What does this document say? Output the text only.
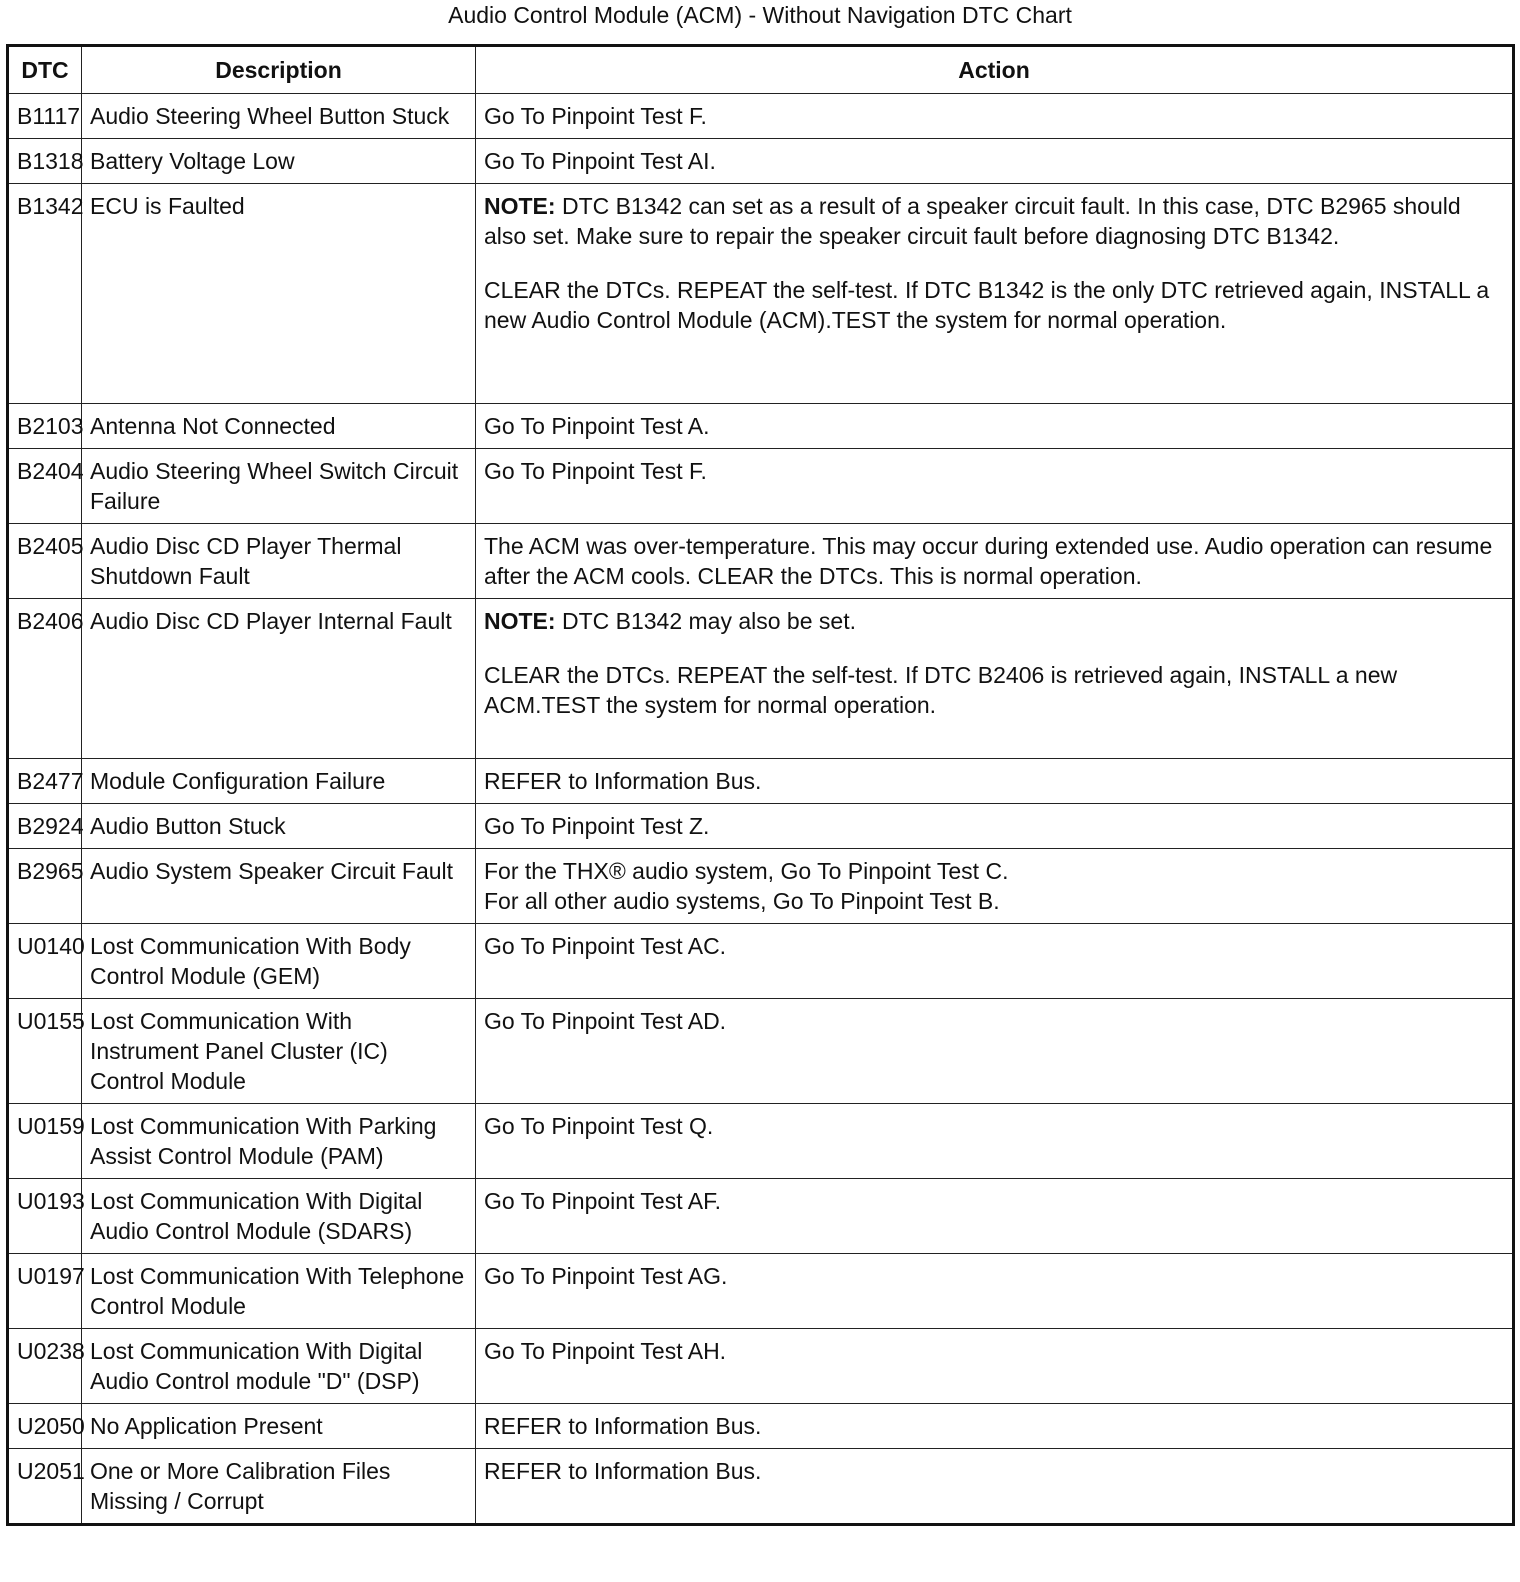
Audio Control Module (ACM) - Without Navigation DTC Chart
DTC	Description	Action
B1117	Audio Steering Wheel Button Stuck	Go To Pinpoint Test F.

B1318	Battery Voltage Low	Go To Pinpoint Test AI.

B1342	ECU is Faulted	NOTE: DTC B1342 can set as a result of a speaker circuit fault. In this case, DTC B2965 should also set. Make sure to repair the speaker circuit fault before diagnosing DTC B1342.

CLEAR the DTCs. REPEAT the self-test. If DTC B1342 is the only DTC retrieved again, INSTALL a new Audio Control Module (ACM).TEST the system for normal operation.

B2103	Antenna Not Connected	Go To Pinpoint Test A.

B2404	Audio Steering Wheel Switch Circuit Failure	Go To Pinpoint Test F.

B2405	Audio Disc CD Player Thermal Shutdown Fault	The ACM was over-temperature. This may occur during extended use. Audio operation can resume after the ACM cools. CLEAR the DTCs. This is normal operation.

B2406	Audio Disc CD Player Internal Fault	NOTE: DTC B1342 may also be set.

CLEAR the DTCs. REPEAT the self-test. If DTC B2406 is retrieved again, INSTALL a new ACM.TEST the system for normal operation.

B2477	Module Configuration Failure	REFER to Information Bus.

B2924	Audio Button Stuck	Go To Pinpoint Test Z.

B2965	Audio System Speaker Circuit Fault	For the THX® audio system, Go To Pinpoint Test C.
For all other audio systems, Go To Pinpoint Test B.

U0140	Lost Communication With Body Control Module (GEM)	Go To Pinpoint Test AC.

U0155	Lost Communication With Instrument Panel Cluster (IC) Control Module	Go To Pinpoint Test AD.

U0159	Lost Communication With Parking Assist Control Module (PAM)	Go To Pinpoint Test Q.

U0193	Lost Communication With Digital Audio Control Module (SDARS)	Go To Pinpoint Test AF.

U0197	Lost Communication With Telephone Control Module	Go To Pinpoint Test AG.

U0238	Lost Communication With Digital Audio Control module "D" (DSP)	Go To Pinpoint Test AH.

U2050	No Application Present	REFER to Information Bus.

U2051	One or More Calibration Files Missing / Corrupt	REFER to Information Bus.
